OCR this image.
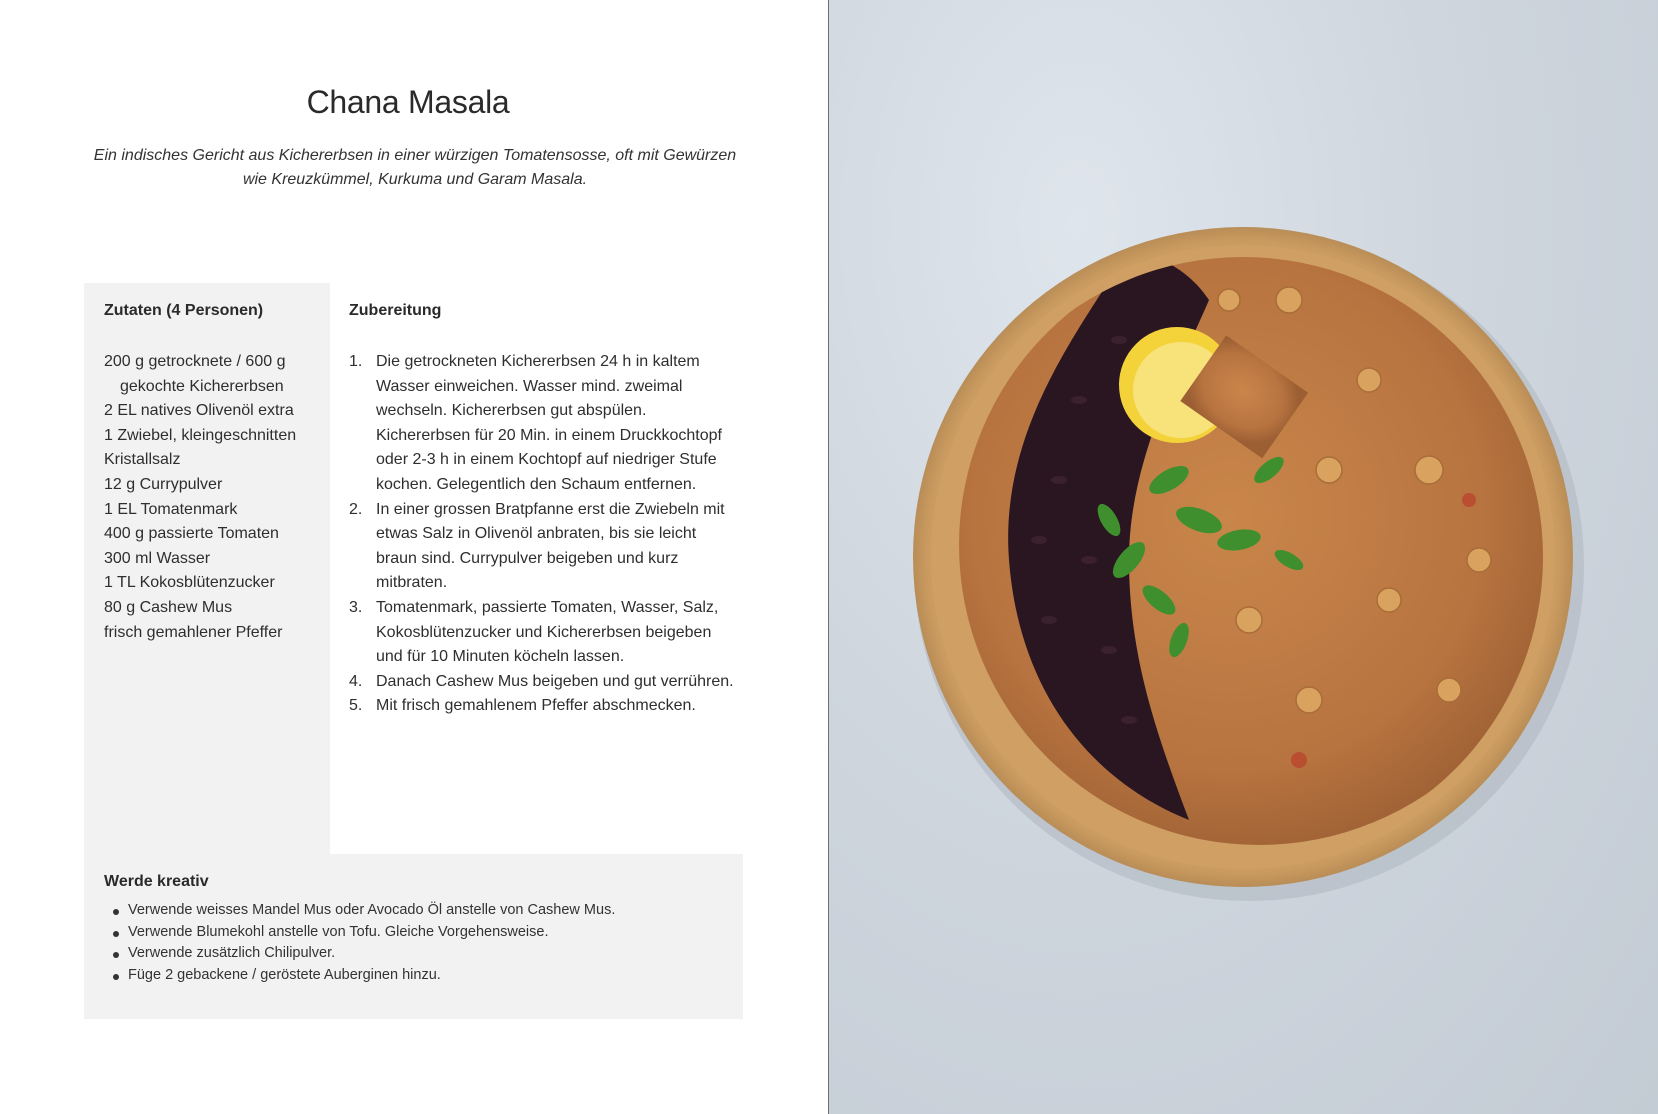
Chana Masala
Ein indisches Gericht aus Kichererbsen in einer würzigen Tomatensosse, oft mit Gewürzen wie Kreuzkümmel, Kurkuma und Garam Masala.
Zutaten (4 Personen)
200 g getrocknete / 600 g gekochte Kichererbsen
2 EL natives Olivenöl extra
1 Zwiebel, kleingeschnitten
Kristallsalz
12 g Currypulver
1 EL Tomatenmark
400 g passierte Tomaten
300 ml Wasser
1 TL Kokosblütenzucker
80 g Cashew Mus
frisch gemahlener Pfeffer
Zubereitung
1. Die getrockneten Kichererbsen 24 h in kaltem Wasser einweichen. Wasser mind. zweimal wechseln. Kichererbsen gut abspülen. Kichererbsen für 20 Min. in einem Druckkochtopf oder 2-3 h in einem Kochtopf auf niedriger Stufe kochen. Gelegentlich den Schaum entfernen.
2. In einer grossen Bratpfanne erst die Zwiebeln mit etwas Salz in Olivenöl anbraten, bis sie leicht braun sind. Currypulver beigeben und kurz mitbraten.
3. Tomatenmark, passierte Tomaten, Wasser, Salz, Kokosblütenzucker und Kichererbsen beigeben und für 10 Minuten köcheln lassen.
4. Danach Cashew Mus beigeben und gut verrühren.
5. Mit frisch gemahlenem Pfeffer abschmecken.
Werde kreativ
Verwende weisses Mandel Mus oder Avocado Öl anstelle von Cashew Mus.
Verwende Blumekohl anstelle von Tofu. Gleiche Vorgehensweise.
Verwende zusätzlich Chilipulver.
Füge 2 gebackene / geröstete Auberginen hinzu.
